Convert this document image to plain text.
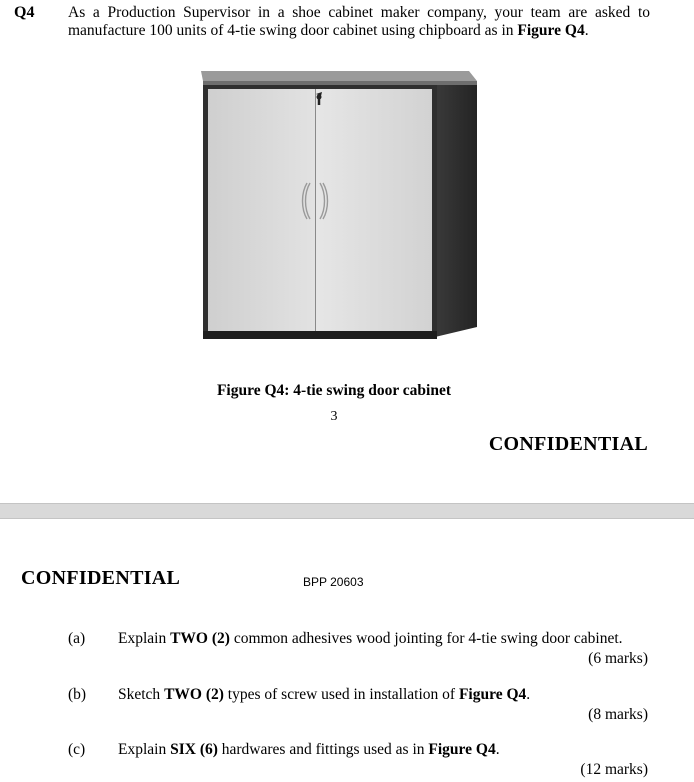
Q4 As a Production Supervisor in a shoe cabinet maker company, your team are asked to manufacture 100 units of 4-tie swing door cabinet using chipboard as in Figure Q4.
Figure Q4: 4-tie swing door cabinet
3
CONFIDENTIAL
CONFIDENTIAL	BPP 20603
(a) Explain TWO (2) common adhesives wood jointing for 4-tie swing door cabinet.
(6 marks)
(b) Sketch TWO (2) types of screw used in installation of Figure Q4.
(8 marks)
(c) Explain SIX (6) hardwares and fittings used as in Figure Q4.
(12 marks)
